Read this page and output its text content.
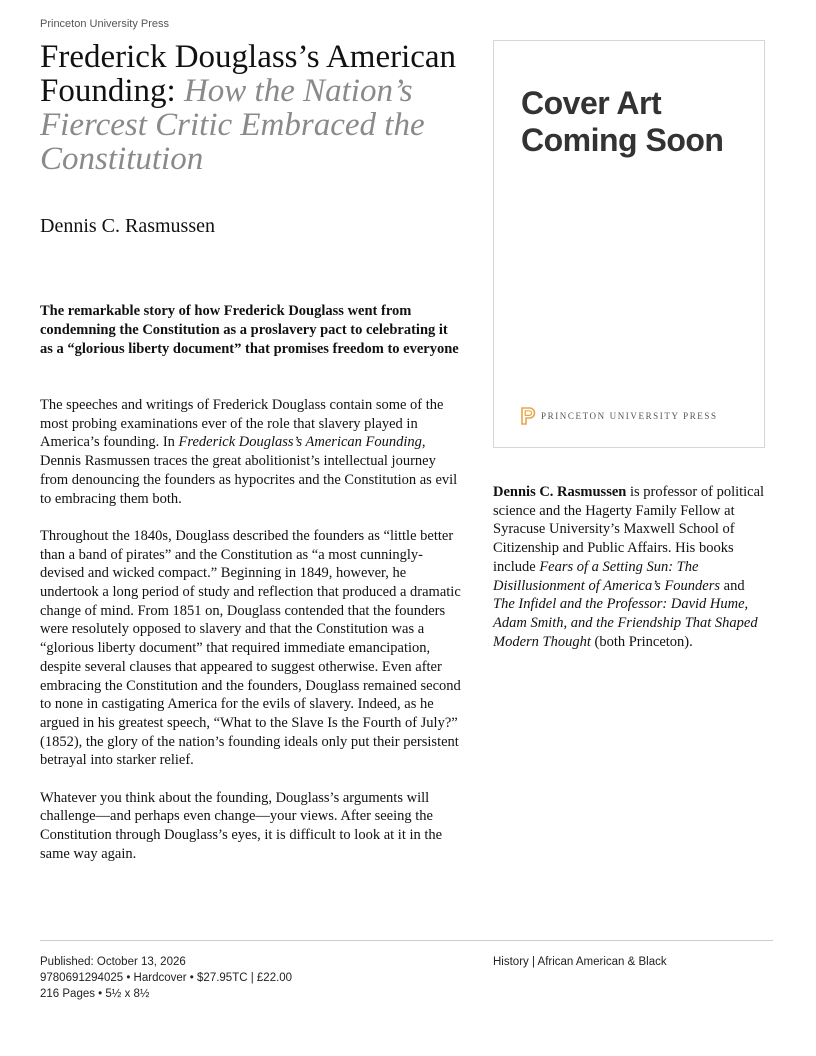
Princeton University Press
Frederick Douglass’s American Founding: How the Nation’s Fiercest Critic Embraced the Constitution
Dennis C. Rasmussen

The remarkable story of how Frederick Douglass went from condemning the Constitution as a proslavery pact to celebrating it as a “glorious liberty document” that promises freedom to everyone

The speeches and writings of Frederick Douglass contain some of the most probing examinations ever of the role that slavery played in America’s founding. In Frederick Douglass’s American Founding, Dennis Rasmussen traces the great abolitionist’s intellectual journey from denouncing the founders as hypocrites and the Constitution as evil to embracing them both.

Throughout the 1840s, Douglass described the founders as “little better than a band of pirates” and the Constitution as “a most cunningly-devised and wicked compact.” Beginning in 1849, however, he undertook a long period of study and reflection that produced a dramatic change of mind. From 1851 on, Douglass contended that the founders were resolutely opposed to slavery and that the Constitution was a “glorious liberty document” that required immediate emancipation, despite several clauses that appeared to suggest otherwise. Even after embracing the Constitution and the founders, Douglass remained second to none in castigating America for the evils of slavery. Indeed, as he argued in his greatest speech, “What to the Slave Is the Fourth of July?” (1852), the glory of the nation’s founding ideals only put their persistent betrayal into starker relief.

Whatever you think about the founding, Douglass’s arguments will challenge—and perhaps even change—your views. After seeing the Constitution through Douglass’s eyes, it is difficult to look at it in the same way again.

Cover Art
Coming Soon
PRINCETON UNIVERSITY PRESS

Dennis C. Rasmussen is professor of political science and the Hagerty Family Fellow at Syracuse University’s Maxwell School of Citizenship and Public Affairs. His books include Fears of a Setting Sun: The Disillusionment of America’s Founders and The Infidel and the Professor: David Hume, Adam Smith, and the Friendship That Shaped Modern Thought (both Princeton).

Published: October 13, 2026
9780691294025 • Hardcover • $27.95TC | £22.00
216 Pages • 5½ x 8½
History | African American & Black
